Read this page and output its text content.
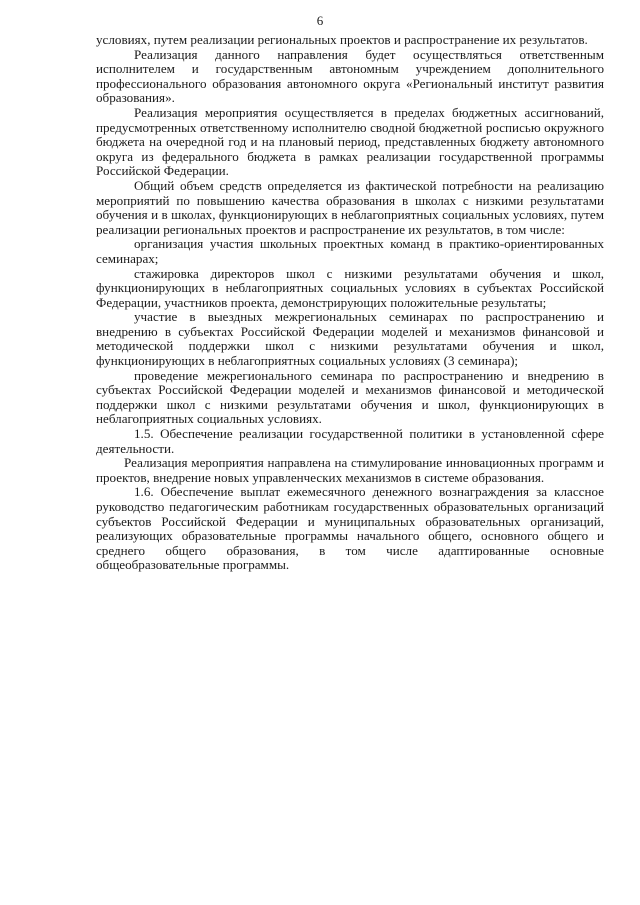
6

условиях, путем реализации региональных проектов и распространение их результатов.

Реализация данного направления будет осуществляться ответственным исполнителем и государственным автономным учреждением дополнительного профессионального образования автономного округа «Региональный институт развития образования».

Реализация мероприятия осуществляется в пределах бюджетных ассигнований, предусмотренных ответственному исполнителю сводной бюджетной росписью окружного бюджета на очередной год и на плановый период, представленных бюджету автономного округа из федерального бюджета в рамках реализации государственной программы Российской Федерации.

Общий объем средств определяется из фактической потребности на реализацию мероприятий по повышению качества образования в школах с низкими результатами обучения и в школах, функционирующих в неблагоприятных социальных условиях, путем реализации региональных проектов и распространение их результатов, в том числе:

организация участия школьных проектных команд в практико-ориентированных семинарах;

стажировка директоров школ с низкими результатами обучения и школ, функционирующих в неблагоприятных социальных условиях в субъектах Российской Федерации, участников проекта, демонстрирующих положительные результаты;

участие в выездных межрегиональных семинарах по распространению и внедрению в субъектах Российской Федерации моделей и механизмов финансовой и методической поддержки школ с низкими результатами обучения и школ, функционирующих в неблагоприятных социальных условиях (3 семинара);

проведение межрегионального семинара по распространению и внедрению в субъектах Российской Федерации моделей и механизмов финансовой и методической поддержки школ с низкими результатами обучения и школ, функционирующих в неблагоприятных социальных условиях.

1.5. Обеспечение реализации государственной политики в установленной сфере деятельности.

Реализация мероприятия направлена на стимулирование инновационных программ и проектов, внедрение новых управленческих механизмов в системе образования.

1.6. Обеспечение выплат ежемесячного денежного вознаграждения за классное руководство педагогическим работникам государственных образовательных организаций субъектов Российской Федерации и муниципальных образовательных организаций, реализующих образовательные программы начального общего, основного общего и среднего общего образования, в том числе адаптированные основные общеобразовательные программы.
